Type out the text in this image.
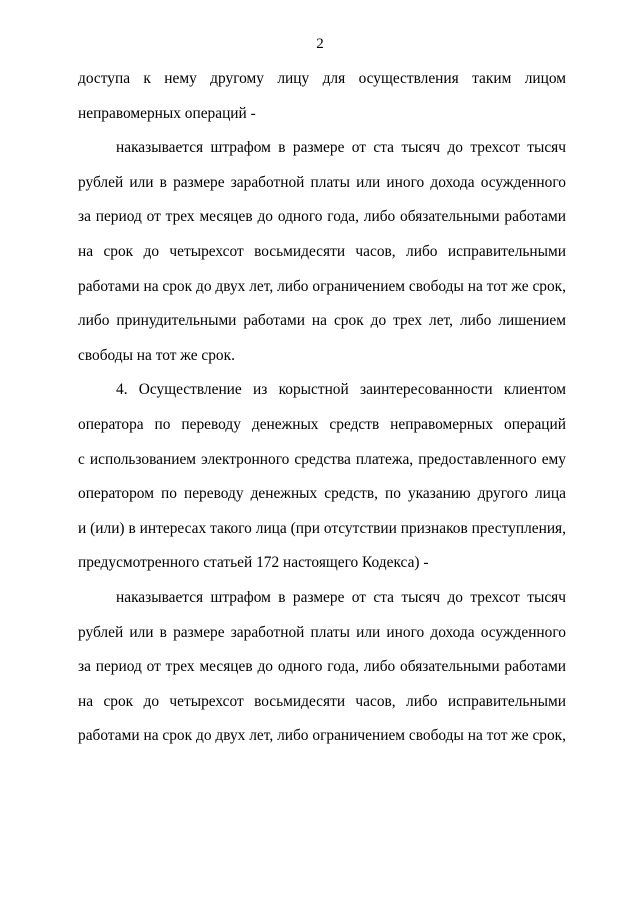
2
доступа к нему другому лицу для осуществления таким лицом
неправомерных операций -
наказывается штрафом в размере от ста тысяч до трехсот тысяч
рублей или в размере заработной платы или иного дохода осужденного
за период от трех месяцев до одного года, либо обязательными работами
на срок до четырехсот восьмидесяти часов, либо исправительными
работами на срок до двух лет, либо ограничением свободы на тот же срок,
либо принудительными работами на срок до трех лет, либо лишением
свободы на тот же срок.
4. Осуществление из корыстной заинтересованности клиентом
оператора по переводу денежных средств неправомерных операций
с использованием электронного средства платежа, предоставленного ему
оператором по переводу денежных средств, по указанию другого лица
и (или) в интересах такого лица (при отсутствии признаков преступления,
предусмотренного статьей 172 настоящего Кодекса) -
наказывается штрафом в размере от ста тысяч до трехсот тысяч
рублей или в размере заработной платы или иного дохода осужденного
за период от трех месяцев до одного года, либо обязательными работами
на срок до четырехсот восьмидесяти часов, либо исправительными
работами на срок до двух лет, либо ограничением свободы на тот же срок,
